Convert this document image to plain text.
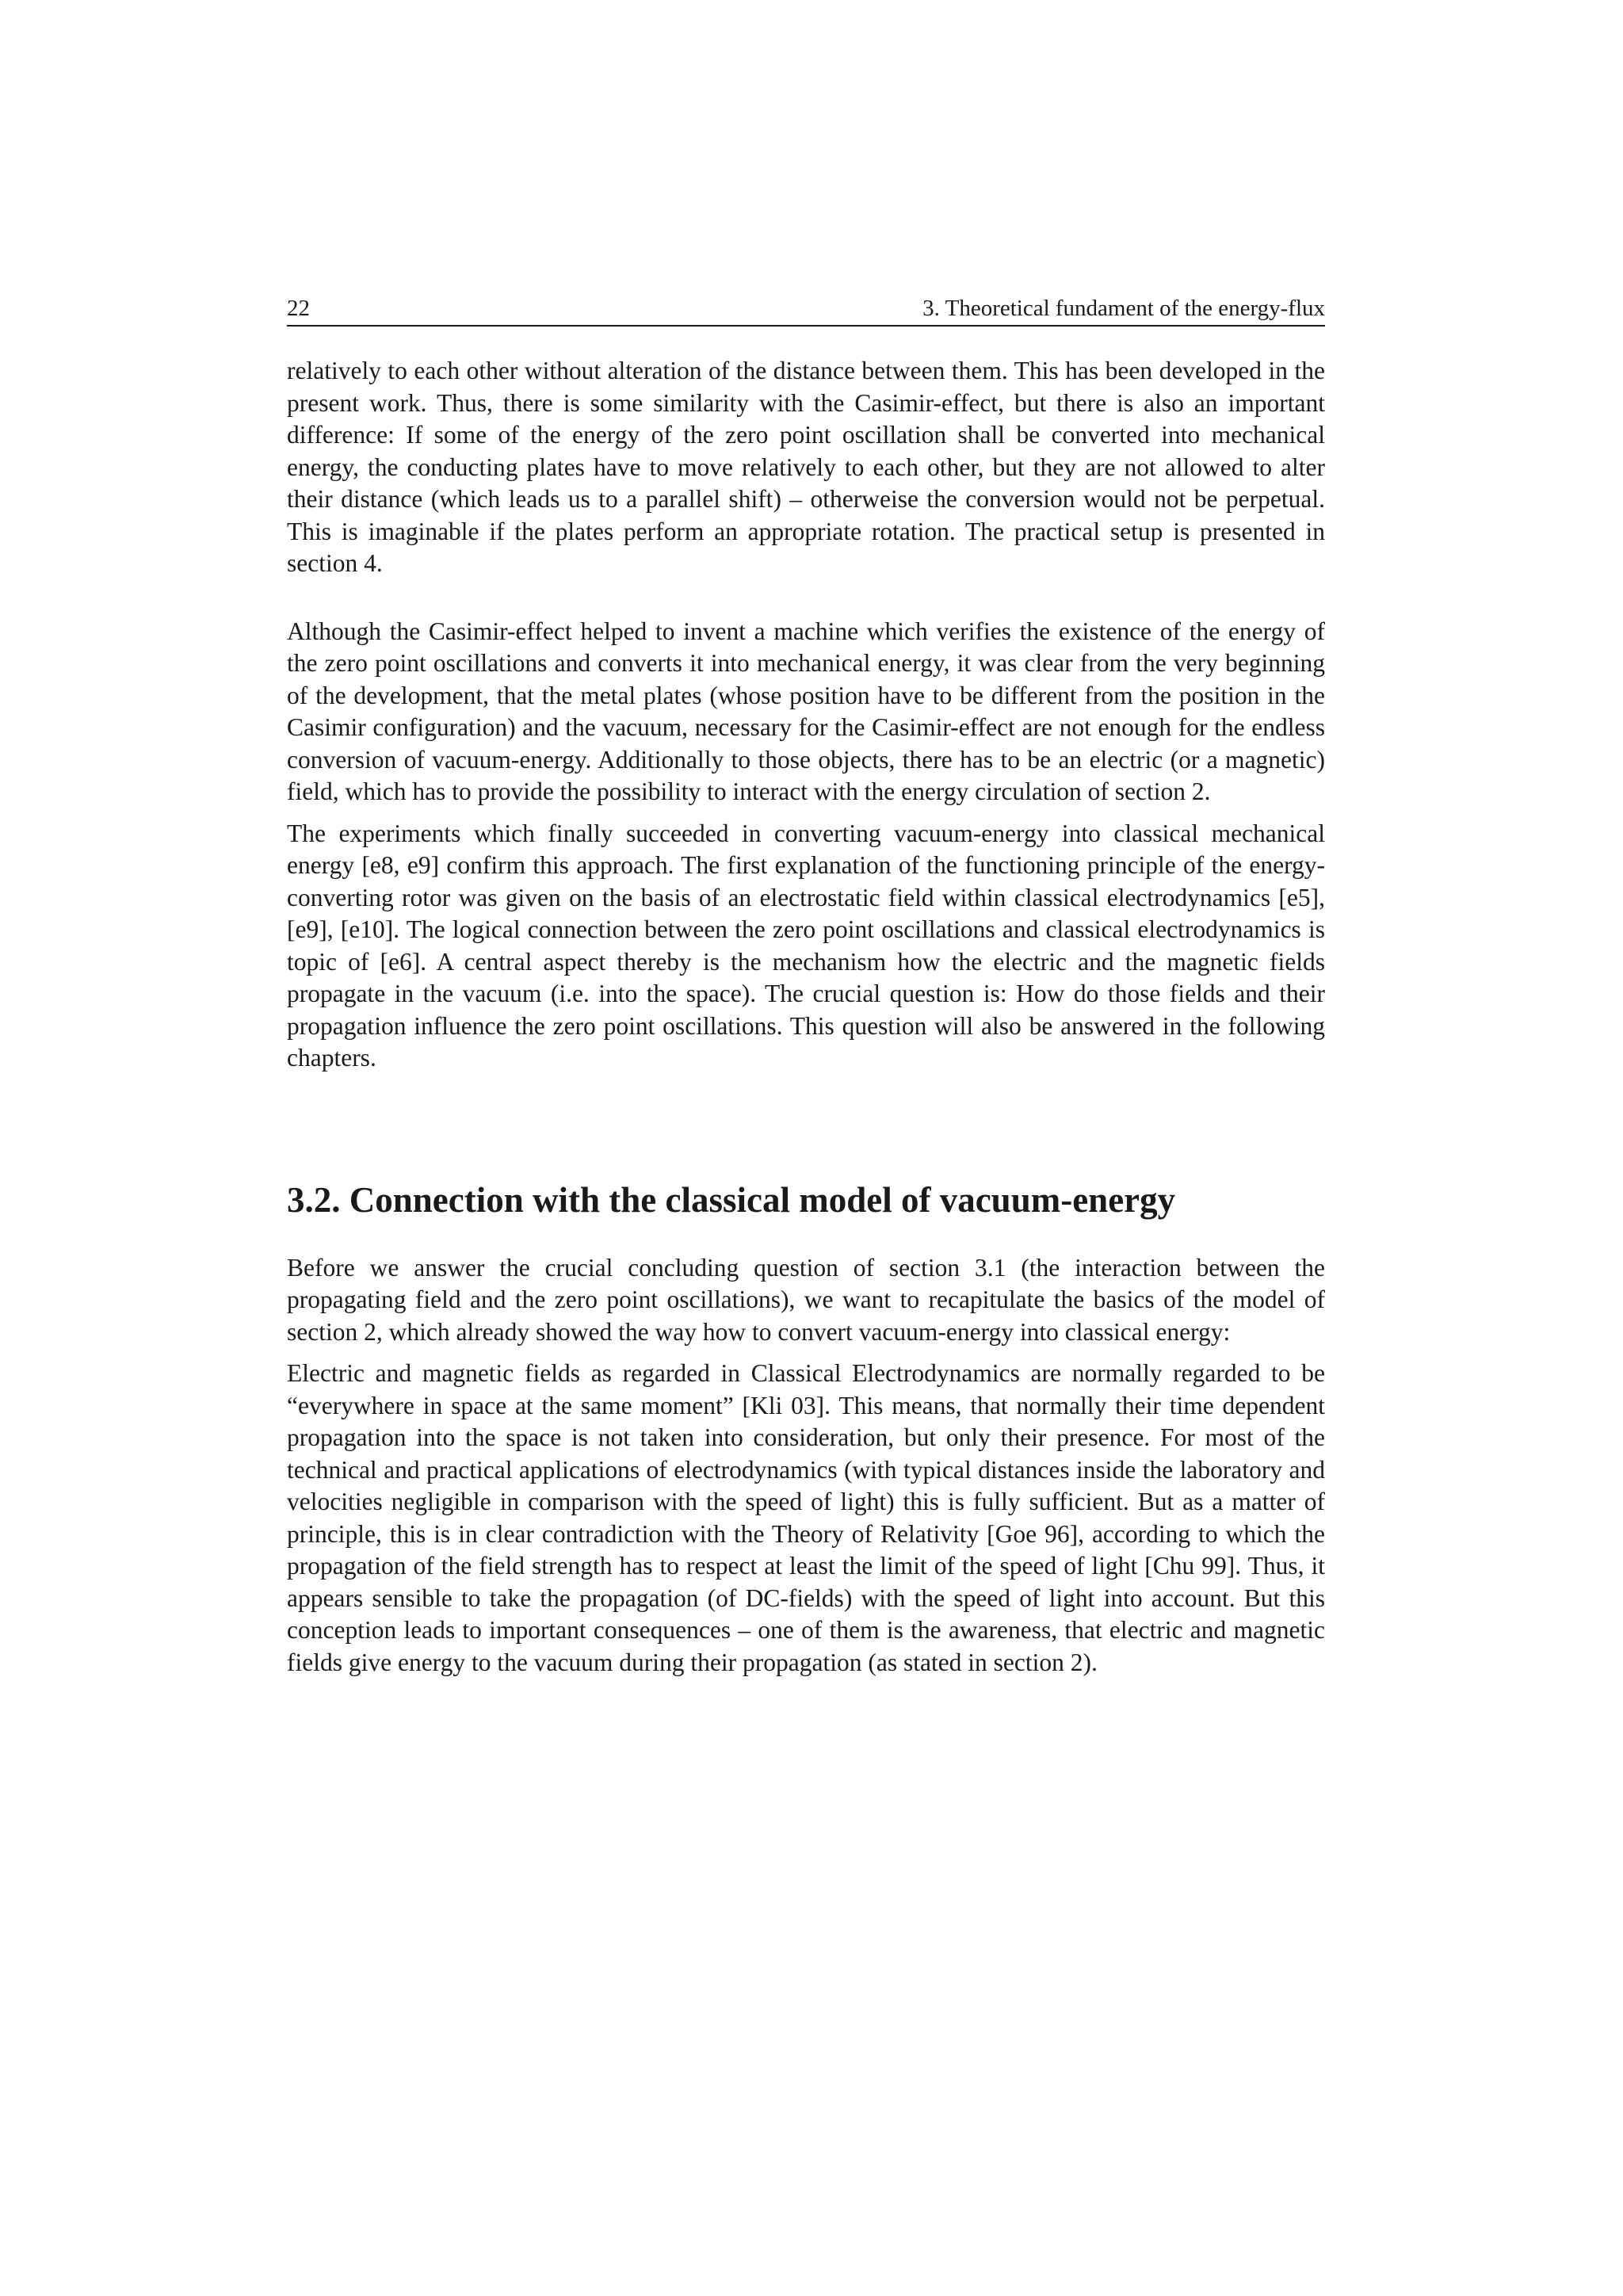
22	3. Theoretical fundament of the energy-flux

relatively to each other without alteration of the distance between them. This has been developed in the present work. Thus, there is some similarity with the Casimir-effect, but there is also an important difference: If some of the energy of the zero point oscillation shall be converted into mechanical energy, the conducting plates have to move relatively to each other, but they are not allowed to alter their distance (which leads us to a parallel shift) – otherweise the conversion would not be perpetual. This is imaginable if the plates perform an appropriate rotation. The practical setup is presented in section 4.

Although the Casimir-effect helped to invent a machine which verifies the existence of the energy of the zero point oscillations and converts it into mechanical energy, it was clear from the very beginning of the development, that the metal plates (whose position have to be different from the position in the Casimir configuration) and the vacuum, necessary for the Casimir-effect are not enough for the endless conversion of vacuum-energy. Additionally to those objects, there has to be an electric (or a magnetic) field, which has to provide the possibility to interact with the energy circulation of section 2.

The experiments which finally succeeded in converting vacuum-energy into classical mechanical energy [e8, e9] confirm this approach. The first explanation of the functioning principle of the energy-converting rotor was given on the basis of an electrostatic field within classical electrodynamics [e5], [e9], [e10]. The logical connection between the zero point oscillations and classical electrodynamics is topic of [e6]. A central aspect thereby is the mechanism how the electric and the magnetic fields propagate in the vacuum (i.e. into the space). The crucial question is: How do those fields and their propagation influence the zero point oscillations. This question will also be answered in the following chapters.

3.2. Connection with the classical model of vacuum-energy

Before we answer the crucial concluding question of section 3.1 (the interaction between the propagating field and the zero point oscillations), we want to recapitulate the basics of the model of section 2, which already showed the way how to convert vacuum-energy into classical energy:

Electric and magnetic fields as regarded in Classical Electrodynamics are normally regarded to be “everywhere in space at the same moment” [Kli 03]. This means, that normally their time dependent propagation into the space is not taken into consideration, but only their presence. For most of the technical and practical applications of electrodynamics (with typical distances inside the laboratory and velocities negligible in comparison with the speed of light) this is fully sufficient. But as a matter of principle, this is in clear contradiction with the Theory of Relativity [Goe 96], according to which the propagation of the field strength has to respect at least the limit of the speed of light [Chu 99]. Thus, it appears sensible to take the propagation (of DC-fields) with the speed of light into account. But this conception leads to important consequences – one of them is the awareness, that electric and magnetic fields give energy to the vacuum during their propagation (as stated in section 2).
